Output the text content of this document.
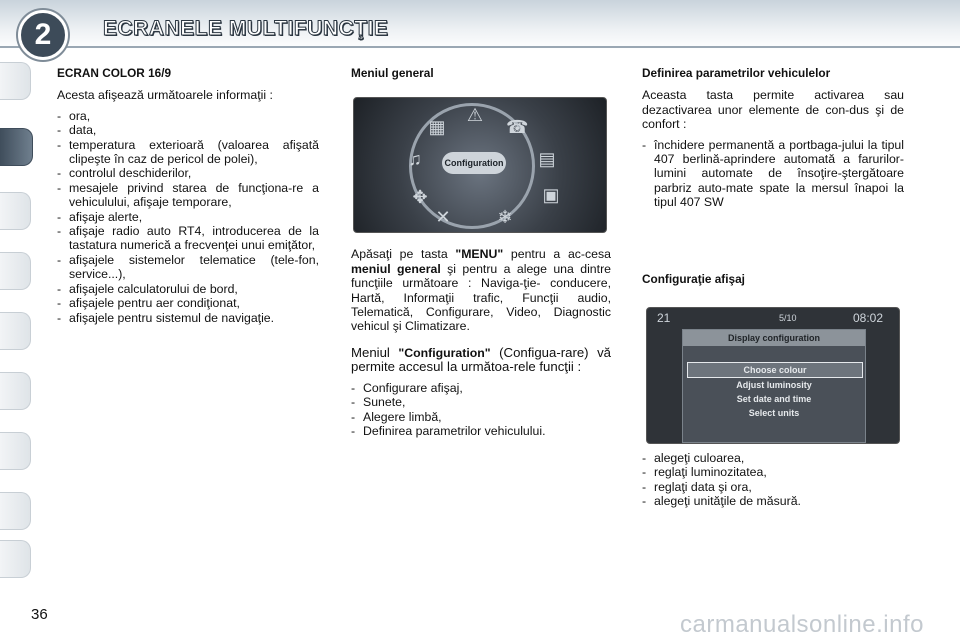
2	ECRANELE MULTIFUNCŢIE
ECRAN COLOR 16/9

Acesta afişează următoarele informaţii :

- ora,
- data,
- temperatura exterioară (valoarea afişată clipeşte în caz de pericol de polei),
- controlul deschiderilor,
- mesajele privind starea de funcţiona-re a vehiculului, afişaje temporare,
- afişaje alerte,
- afişaje radio auto RT4, introducerea de la tastatura numerică a frecvenţei unui emiţător,
- afişajele sistemelor telematice (tele-fon, service...),
- afişajele calculatorului de bord,
- afişajele pentru aer condiţionat,
- afişajele pentru sistemul de navigaţie.
Meniul general
⚠
▦	☎
♫	▤
✥	▣
✕	❄
Configuration

Apăsaţi pe tasta "MENU" pentru a ac-cesa meniul general şi pentru a alege una dintre funcţiile următoare : Naviga-ţie- conducere, Hartă, Informaţii trafic, Funcţii audio, Telematică, Configurare, Video, Diagnostic vehicul şi Climatizare.

Meniul "Configuration" (Configua-rare) vă permite accesul la următoa-rele funcţii :

- Configurare afişaj,
- Sunete,
- Alegere limbă,
- Definirea parametrilor vehiculului.
Definirea parametrilor vehiculelor

Aceasta tasta permite activarea sau dezactivarea unor elemente de con-dus şi de confort :

- închidere permanentă a portbaga-jului la tipul 407 berlină-aprindere automată a farurilor-lumini automate de însoţire-ştergătoare parbriz auto-mate spate la mersul înapoi la tipul 407 SW
Configuraţie afişaj
- alegeţi culoarea,
- reglaţi luminozitatea,
- reglaţi data şi ora,
- alegeţi unităţile de măsură.
21	5/10	08:02
Display configuration
Choose colour
Adjust luminosity
Set date and time
Select units
36	carmanualsonline.info
